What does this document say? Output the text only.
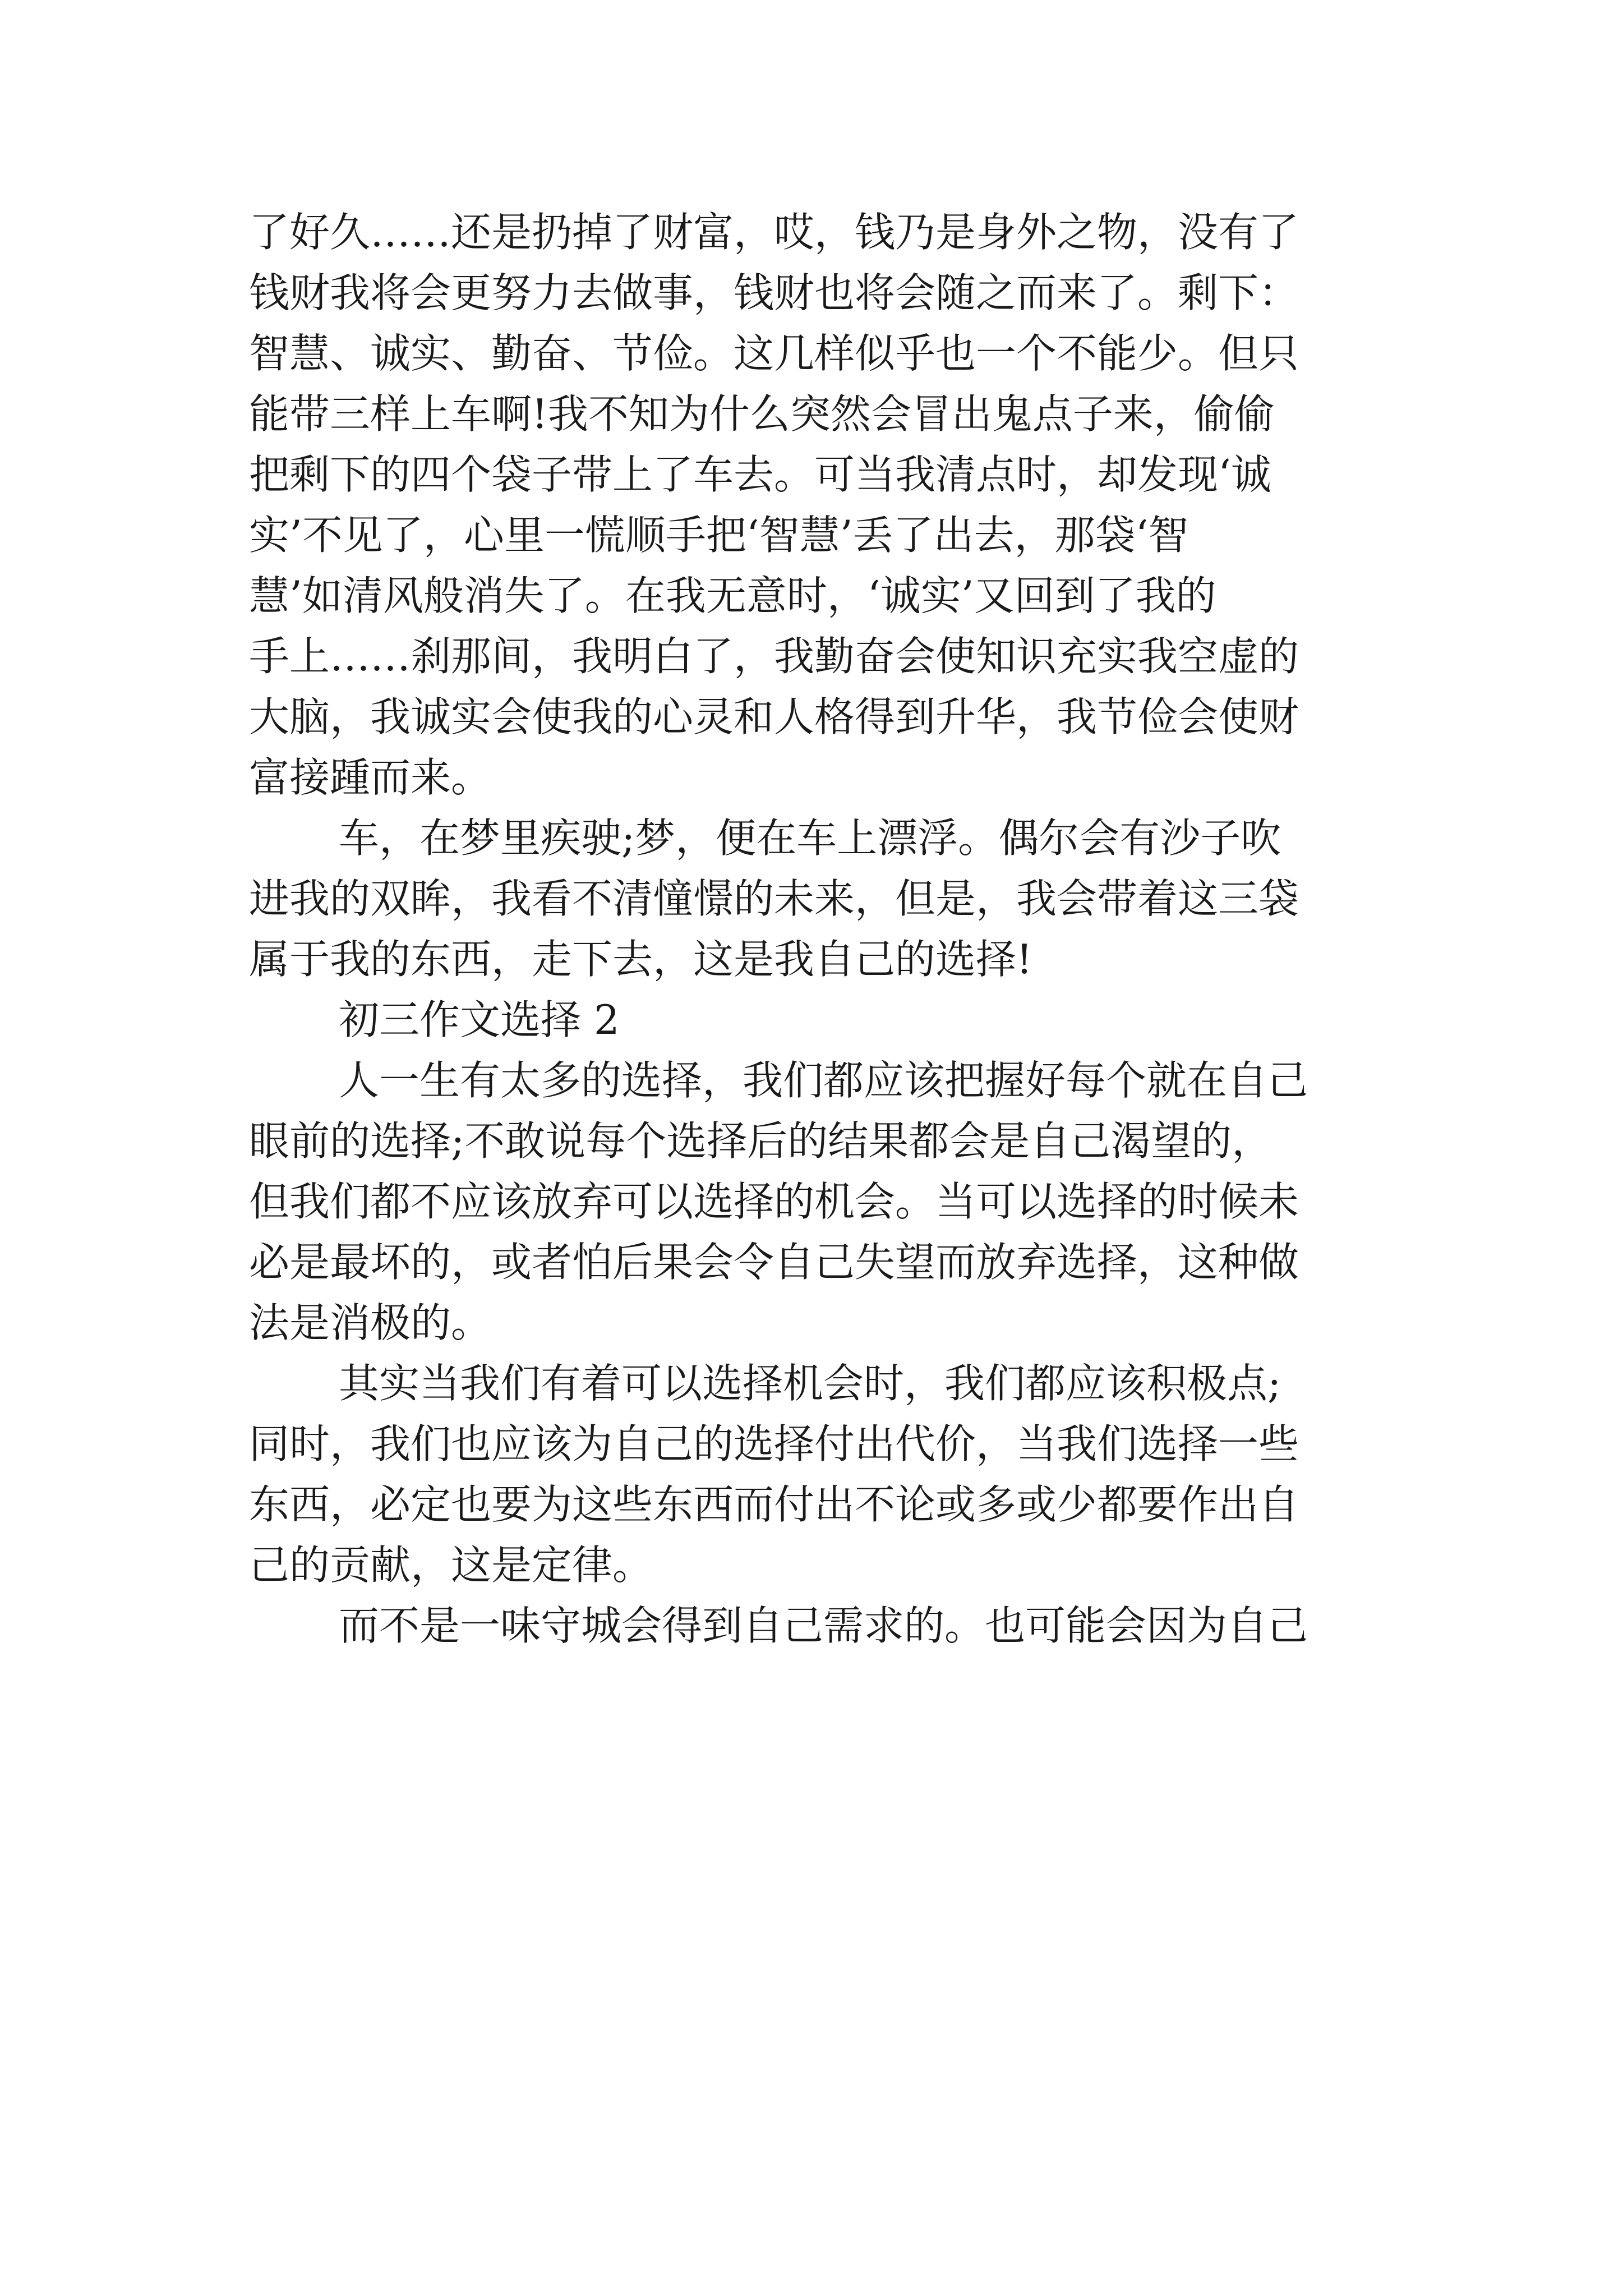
了好久……还是扔掉了财富，哎，钱乃是身外之物，没有了
钱财我将会更努力去做事，钱财也将会随之而来了。剩下：
智慧、诚实、勤奋、节俭。这几样似乎也一个不能少。但只
能带三样上车啊!我不知为什么突然会冒出鬼点子来，偷偷
把剩下的四个袋子带上了车去。可当我清点时，却发现‘诚
实’不见了，心里一慌顺手把‘智慧’丢了出去，那袋‘智
慧’如清风般消失了。在我无意时，‘诚实’又回到了我的
手上……刹那间，我明白了，我勤奋会使知识充实我空虚的
大脑，我诚实会使我的心灵和人格得到升华，我节俭会使财
富接踵而来。

车，在梦里疾驶;梦，便在车上漂浮。偶尔会有沙子吹
进我的双眸，我看不清憧憬的未来，但是，我会带着这三袋
属于我的东西，走下去，这是我自己的选择!

初三作文选择 2

人一生有太多的选择，我们都应该把握好每个就在自己
眼前的选择;不敢说每个选择后的结果都会是自己渴望的，
但我们都不应该放弃可以选择的机会。当可以选择的时候未
必是最坏的，或者怕后果会令自己失望而放弃选择，这种做
法是消极的。

其实当我们有着可以选择机会时，我们都应该积极点;
同时，我们也应该为自己的选择付出代价，当我们选择一些
东西，必定也要为这些东西而付出不论或多或少都要作出自
己的贡献，这是定律。

而不是一味守城会得到自己需求的。也可能会因为自己
